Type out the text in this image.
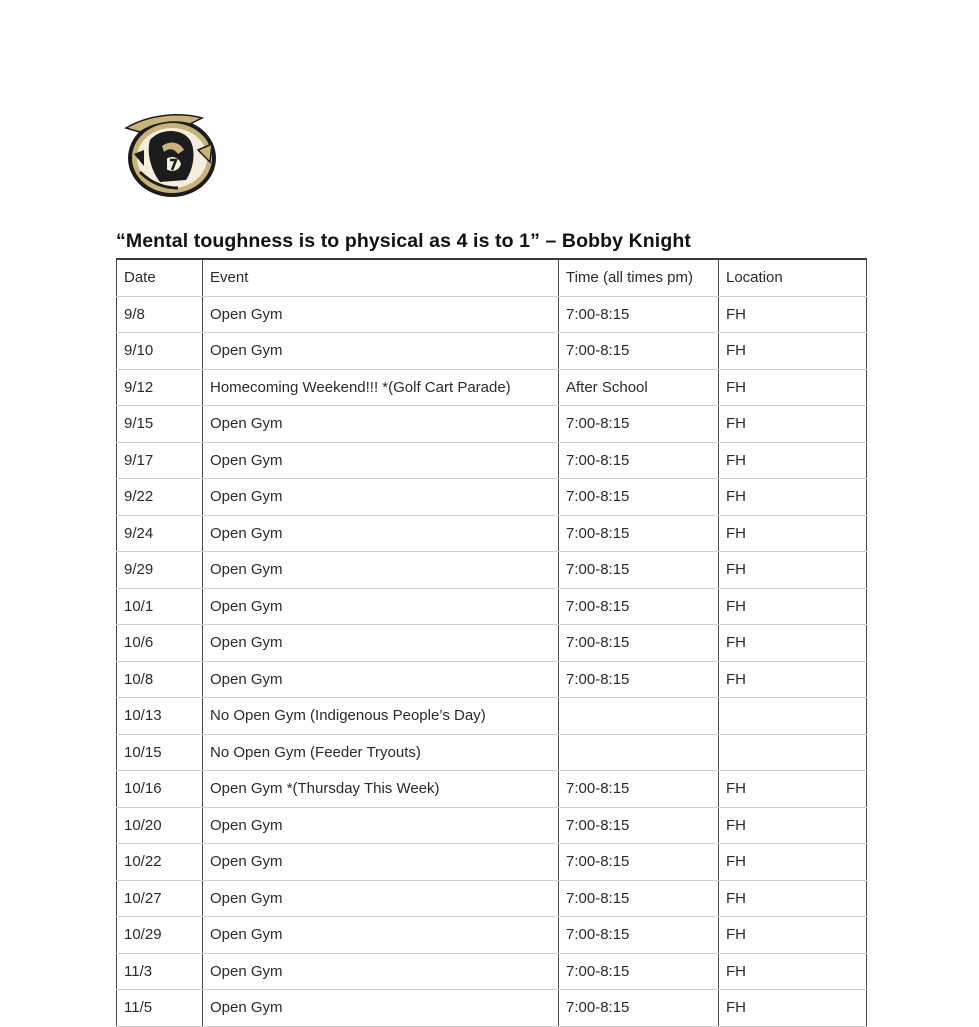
“Mental toughness is to physical as 4 is to 1” – Bobby Knight
Date	Event	Time (all times pm)	Location
9/8	Open Gym	7:00-8:15	FH
9/10	Open Gym	7:00-8:15	FH
9/12	Homecoming Weekend!!! *(Golf Cart Parade)	After School	FH
9/15	Open Gym	7:00-8:15	FH
9/17	Open Gym	7:00-8:15	FH
9/22	Open Gym	7:00-8:15	FH
9/24	Open Gym	7:00-8:15	FH
9/29	Open Gym	7:00-8:15	FH
10/1	Open Gym	7:00-8:15	FH
10/6	Open Gym	7:00-8:15	FH
10/8	Open Gym	7:00-8:15	FH
10/13	No Open Gym (Indigenous People’s Day)		
10/15	No Open Gym (Feeder Tryouts)		
10/16	Open Gym *(Thursday This Week)	7:00-8:15	FH
10/20	Open Gym	7:00-8:15	FH
10/22	Open Gym	7:00-8:15	FH
10/27	Open Gym	7:00-8:15	FH
10/29	Open Gym	7:00-8:15	FH
11/3	Open Gym	7:00-8:15	FH
11/5	Open Gym	7:00-8:15	FH
